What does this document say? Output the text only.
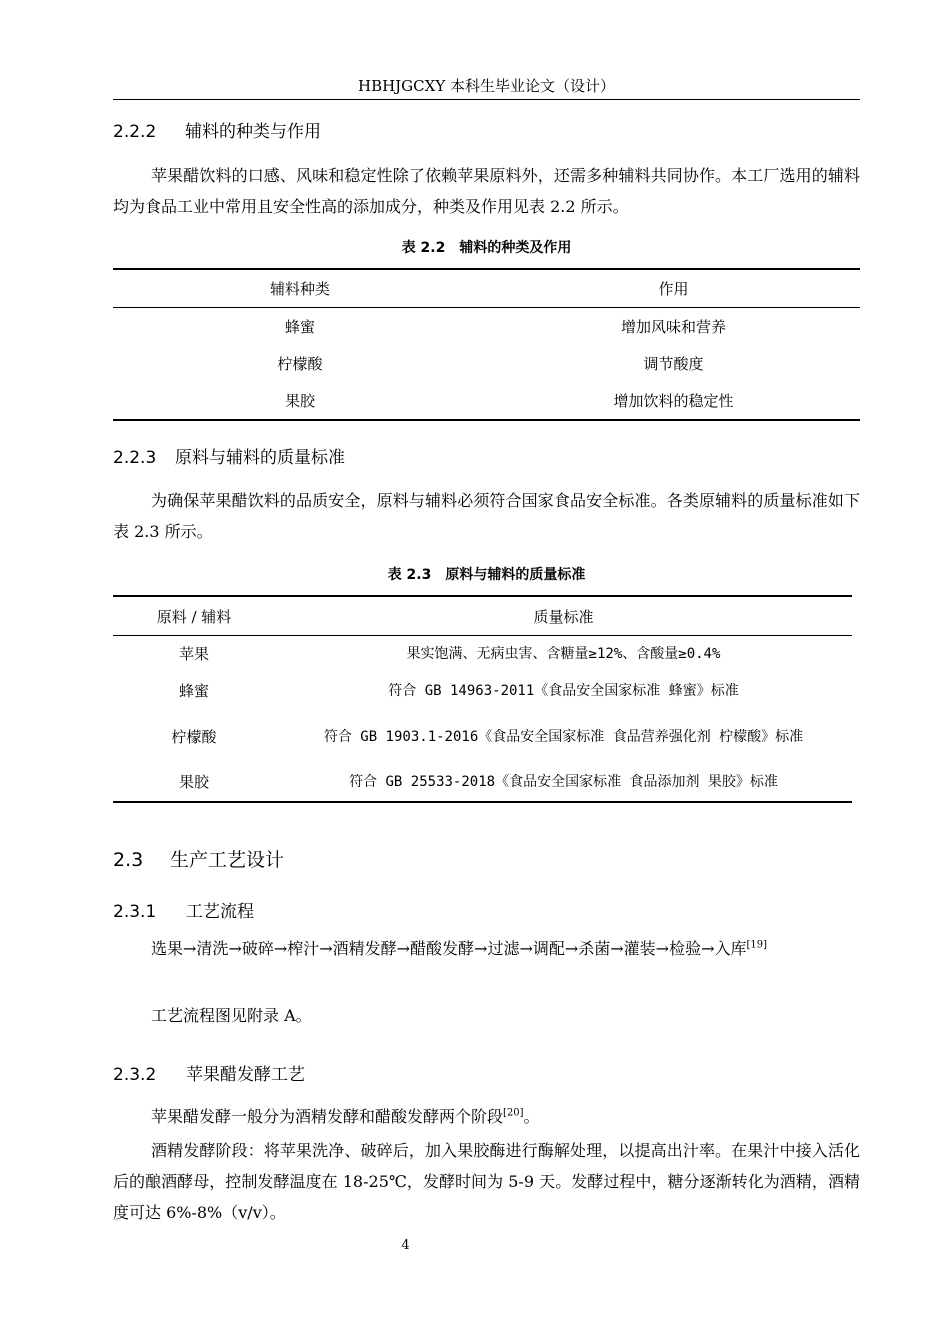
HBHJGCXY 本科生毕业论文（设计）
2.2.2 辅料的种类与作用
苹果醋饮料的口感、风味和稳定性除了依赖苹果原料外，还需多种辅料共同协作。本工厂选用的辅料均为食品工业中常用且安全性高的添加成分，种类及作用见表 2.2 所示。
表 2.2　辅料的种类及作用
辅料种类	作用
蜂蜜	增加风味和营养
柠檬酸	调节酸度
果胶	增加饮料的稳定性
2.2.3 原料与辅料的质量标准
为确保苹果醋饮料的品质安全，原料与辅料必须符合国家食品安全标准。各类原辅料的质量标准如下表 2.3 所示。
表 2.3　原料与辅料的质量标准
原料 / 辅料	质量标准
苹果	果实饱满、无病虫害、含糖量≥12%、含酸量≥0.4%
蜂蜜	符合 GB 14963-2011《食品安全国家标准 蜂蜜》标准
柠檬酸	符合 GB 1903.1-2016《食品安全国家标准 食品营养强化剂 柠檬酸》标准
果胶	符合 GB 25533-2018《食品安全国家标准 食品添加剂 果胶》标准
2.3 生产工艺设计
2.3.1 工艺流程
选果→清洗→破碎→榨汁→酒精发酵→醋酸发酵→过滤→调配→杀菌→灌装→检验→入库[19]
工艺流程图见附录 A。
2.3.2 苹果醋发酵工艺
苹果醋发酵一般分为酒精发酵和醋酸发酵两个阶段[20]。
酒精发酵阶段：将苹果洗净、破碎后，加入果胶酶进行酶解处理，以提高出汁率。在果汁中接入活化后的酿酒酵母，控制发酵温度在 18-25℃，发酵时间为 5-9 天。发酵过程中，糖分逐渐转化为酒精，酒精度可达 6%-8%（v/v）。
4
